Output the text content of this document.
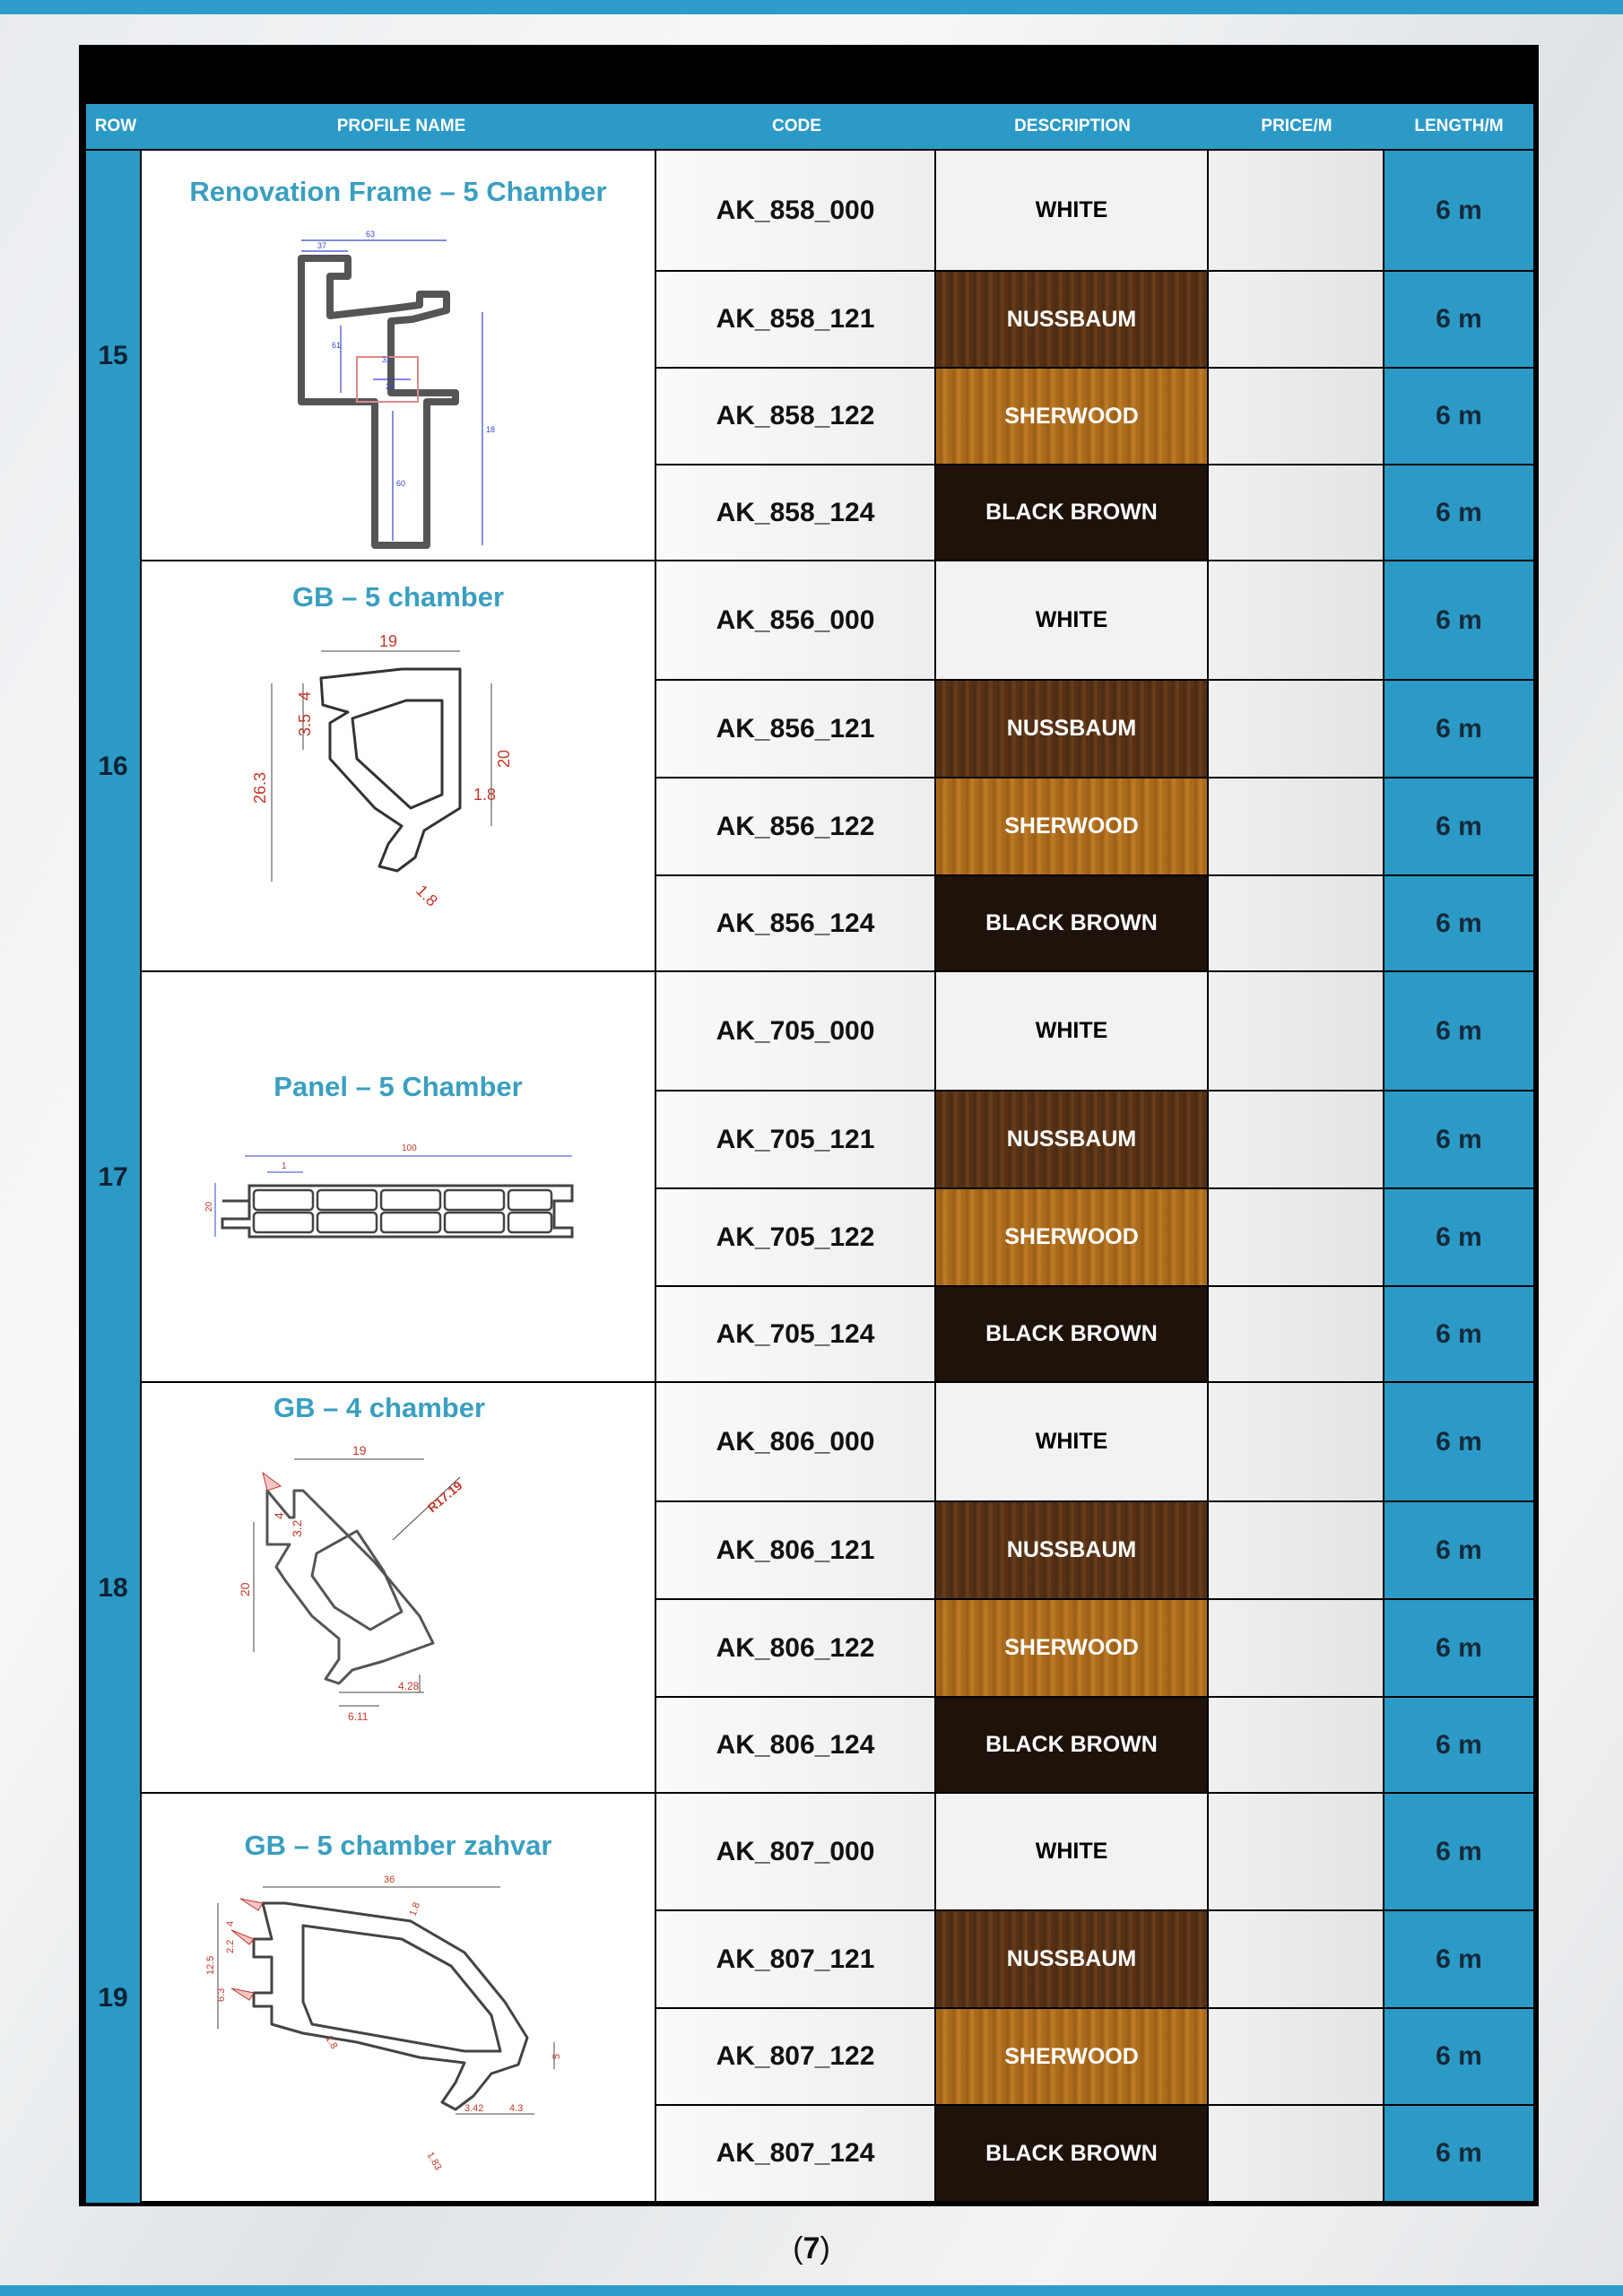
ROW	PROFILE NAME	CODE	DESCRIPTION	PRICE/M	LENGTH/M
15
Renovation Frame – 5 Chamber
63
37
61
31
24
18
60
AK_858_000	WHITE	6 m
AK_858_121	NUSSBAUM	6 m
AK_858_122	SHERWOOD	6 m
AK_858_124	BLACK BROWN	6 m
16
GB – 5 chamber
19
4
3.5
26.3
20
1.8
1.8
AK_856_000	WHITE	6 m
AK_856_121	NUSSBAUM	6 m
AK_856_122	SHERWOOD	6 m
AK_856_124	BLACK BROWN	6 m
17
Panel – 5 Chamber
100
1
20
AK_705_000	WHITE	6 m
AK_705_121	NUSSBAUM	6 m
AK_705_122	SHERWOOD	6 m
AK_705_124	BLACK BROWN	6 m
18
GB – 4 chamber
19
4
3.2
20
R17.19
4.28
6.11
AK_806_000	WHITE	6 m
AK_806_121	NUSSBAUM	6 m
AK_806_122	SHERWOOD	6 m
AK_806_124	BLACK BROWN	6 m
19
GB – 5 chamber zahvar
36
1.8
12.5
4
2.2
6.3
1.8
5
3.42	4.3
1.83
AK_807_000	WHITE	6 m
AK_807_121	NUSSBAUM	6 m
AK_807_122	SHERWOOD	6 m
AK_807_124	BLACK BROWN	6 m
(7)
